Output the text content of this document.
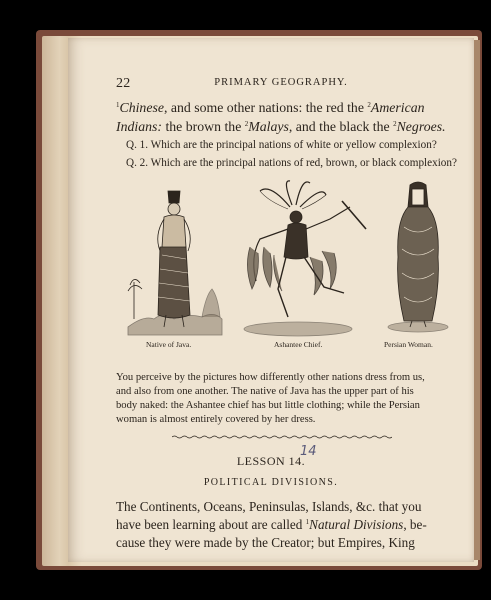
22	PRIMARY GEOGRAPHY.
$^1$Chinese, and some other nations: the red the $^2$American
Indians: the brown the $^2$Malays, and the black the $^2$Negroes.
Q. 1. Which are the principal nations of white or yellow complexion?
Q. 2. Which are the principal nations of red, brown, or black complexion?
Native of Java.	Ashantee Chief.	Persian Woman.
You perceive by the pictures how differently other nations dress from us,
and also from one another. The native of Java has the upper part of his
body naked: the Ashantee chief has but little clothing; while the Persian
woman is almost entirely covered by her dress.
LESSON 14.
14
POLITICAL DIVISIONS.
The Continents, Oceans, Peninsulas, Islands, &c. that you
have been learning about are called $^1$Natural Divisions, be-
cause they were made by the Creator; but Empires, King
